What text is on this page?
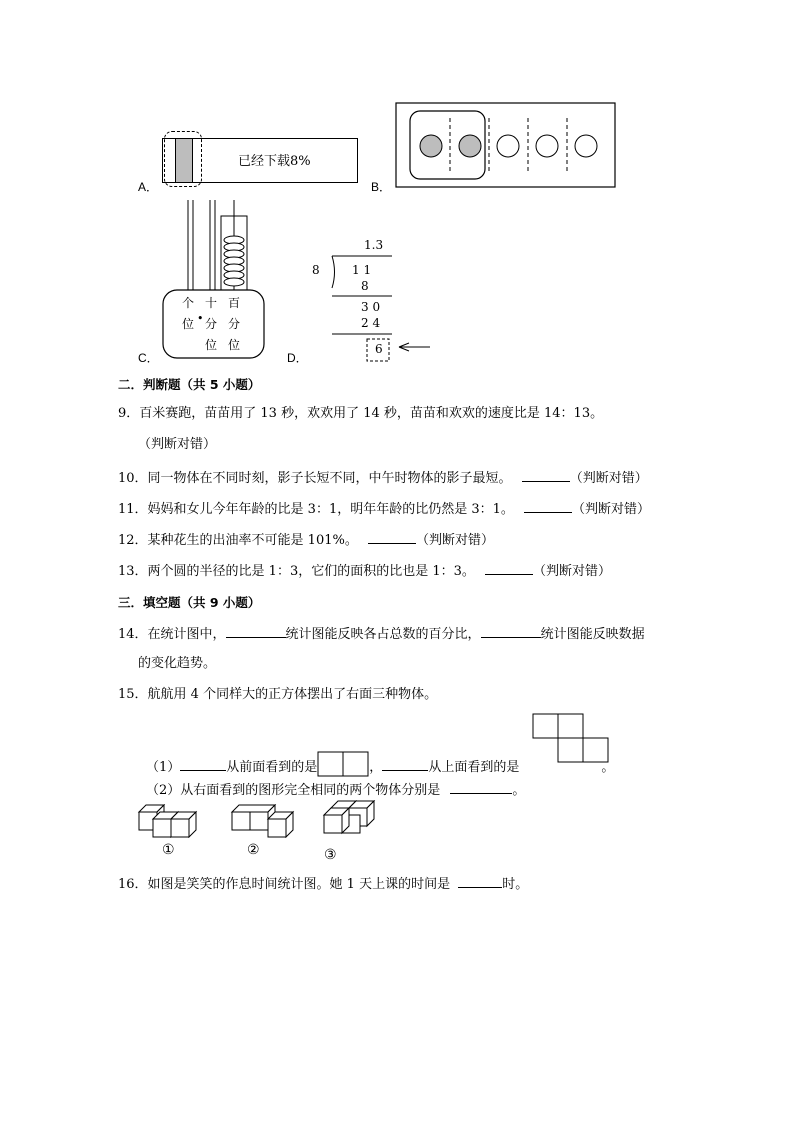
A．
已经下载8%
B．
C．
个
位 •
十
分
位
百
分
位
D．
1.3
8	1 1
8
3 0
2 4
6
二．判断题（共 5 小题）
9．百米赛跑，苗苗用了 13 秒，欢欢用了 14 秒，苗苗和欢欢的速度比是 14：13。
（判断对错）
10．同一物体在不同时刻，影子长短不同，中午时物体的影子最短。	（判断对错）
11．妈妈和女儿今年年龄的比是 3：1，明年年龄的比仍然是 3：1。	（判断对错）
12．某种花生的出油率不可能是 101%。	（判断对错）
13．两个圆的半径的比是 1：3，它们的面积的比也是 1：3。	（判断对错）
三．填空题（共 9 小题）
14．在统计图中，	统计图能反映各占总数的百分比，	统计图能反映数据
的变化趋势。
15．航航用 4 个同样大的正方体摆出了右面三种物体。
（1）	从前面看到的是	，	从上面看到的是	。
（2）从右面看到的图形完全相同的两个物体分别是	。
①	②	③
16．如图是笑笑的作息时间统计图。她 1 天上课的时间是	时。
